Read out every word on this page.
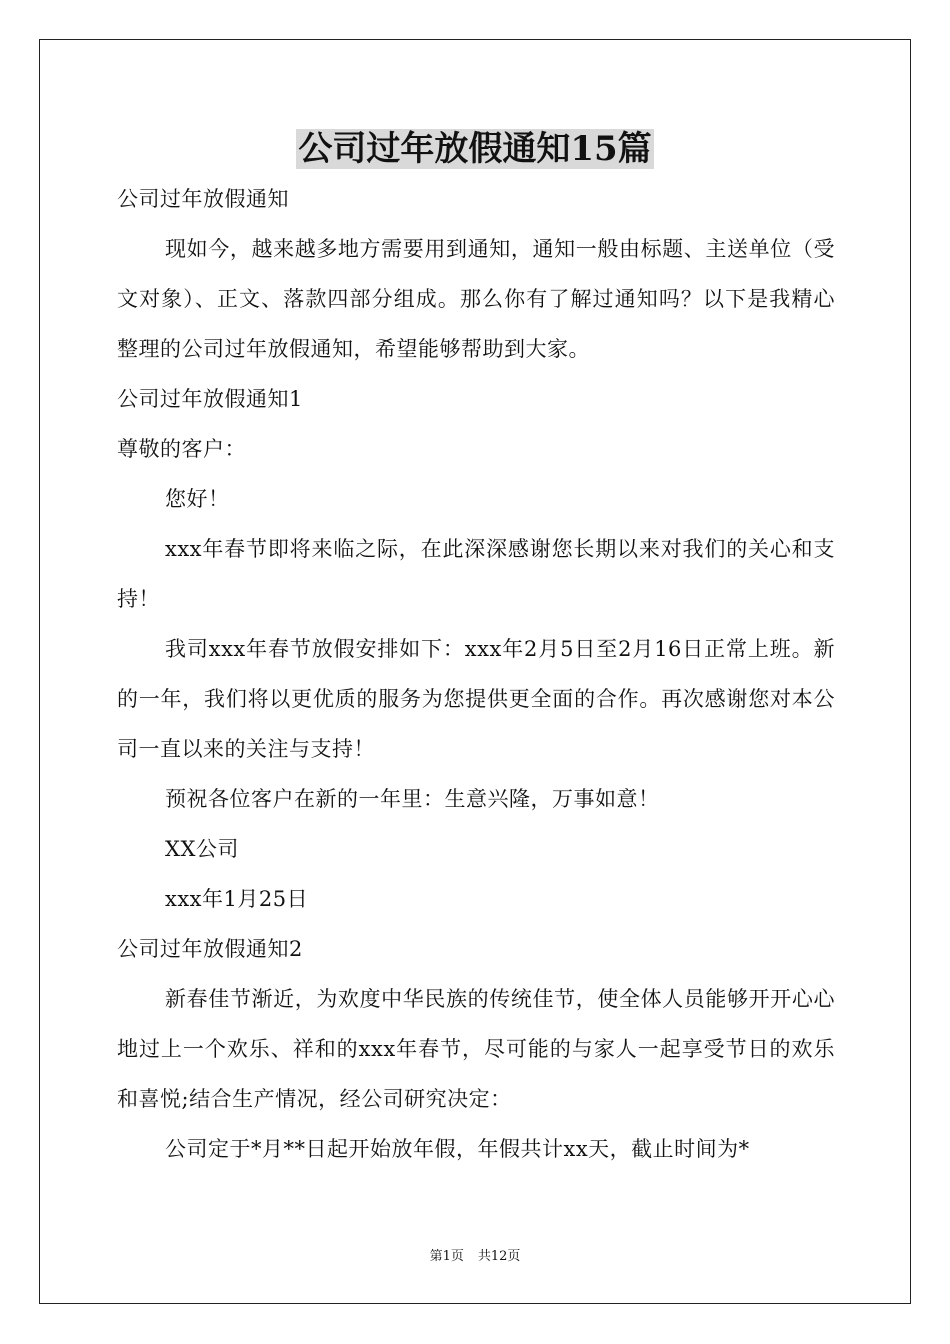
公司过年放假通知15篇

公司过年放假通知

现如今，越来越多地方需要用到通知，通知一般由标题、主送单位（受文对象）、正文、落款四部分组成。那么你有了解过通知吗？以下是我精心整理的公司过年放假通知，希望能够帮助到大家。

公司过年放假通知1

尊敬的客户：

您好！

xxx年春节即将来临之际，在此深深感谢您长期以来对我们的关心和支持！

我司xxx年春节放假安排如下：xxx年2月5日至2月16日正常上班。新的一年，我们将以更优质的服务为您提供更全面的合作。再次感谢您对本公司一直以来的关注与支持！

预祝各位客户在新的一年里：生意兴隆，万事如意！

XX公司

xxx年1月25日

公司过年放假通知2

新春佳节渐近，为欢度中华民族的传统佳节，使全体人员能够开开心心地过上一个欢乐、祥和的xxx年春节，尽可能的与家人一起享受节日的欢乐和喜悦;结合生产情况，经公司研究决定：

公司定于*月**日起开始放年假，年假共计xx天，截止时间为*

第1页 共12页
